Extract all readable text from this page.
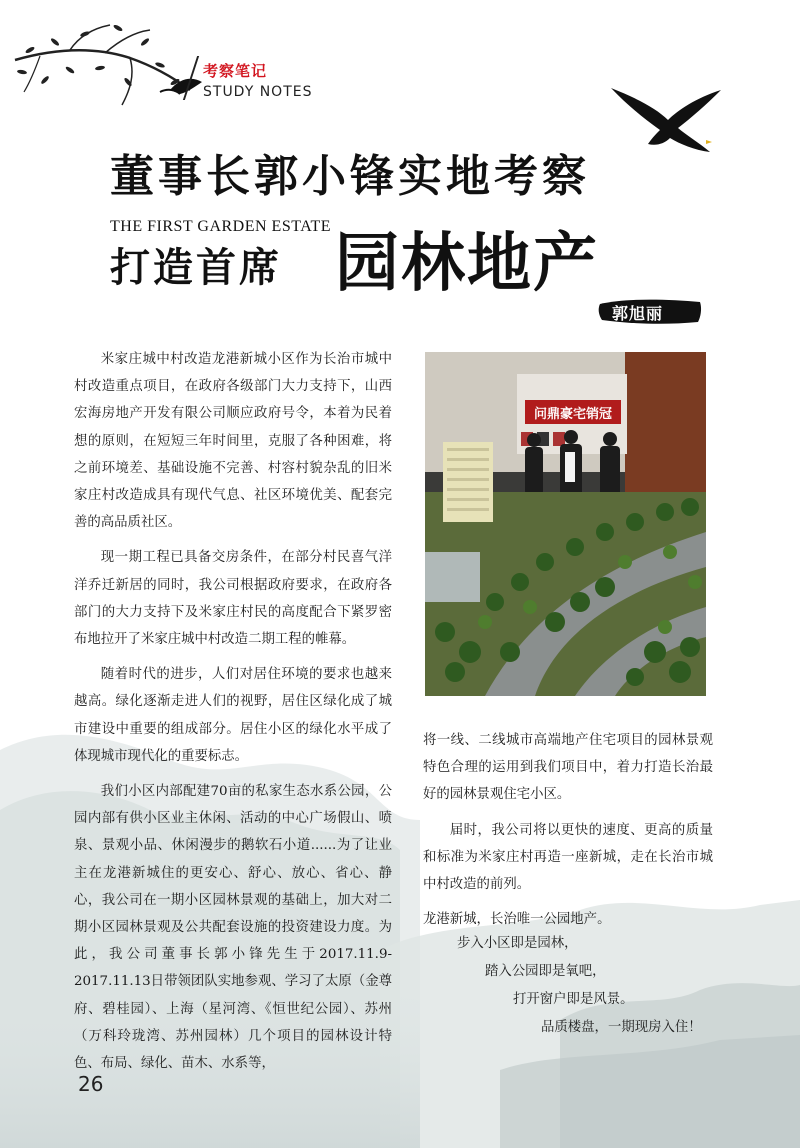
考察笔记
STUDY NOTES
董事长郭小锋实地考察
THE FIRST GARDEN ESTATE
打造首席 园林地产
郭旭丽

米家庄城中村改造龙港新城小区作为长治市城中村改造重点项目，在政府各级部门大力支持下，山西宏海房地产开发有限公司顺应政府号令，本着为民着想的原则，在短短三年时间里，克服了各种困难，将之前环境差、基础设施不完善、村容村貌杂乱的旧米家庄村改造成具有现代气息、社区环境优美、配套完善的高品质社区。

现一期工程已具备交房条件，在部分村民喜气洋洋乔迁新居的同时，我公司根据政府要求，在政府各部门的大力支持下及米家庄村民的高度配合下紧罗密布地拉开了米家庄城中村改造二期工程的帷幕。

随着时代的进步，人们对居住环境的要求也越来越高。绿化逐渐走进人们的视野，居住区绿化成了城市建设中重要的组成部分。居住小区的绿化水平成了体现城市现代化的重要标志。

我们小区内部配建70亩的私家生态水系公园，公园内部有供小区业主休闲、活动的中心广场假山、喷泉、景观小品、休闲漫步的鹅软石小道......为了让业主在龙港新城住的更安心、舒心、放心、省心、静心，我公司在一期小区园林景观的基础上，加大对二期小区园林景观及公共配套设施的投资建设力度。为此，我公司董事长郭小锋先生于2017.11.9-2017.11.13日带领团队实地参观、学习了太原（金尊府、碧桂园）、上海（星河湾、《恒世纪公园）、苏州（万科玲珑湾、苏州园林）几个项目的园林设计特色、布局、绿化、苗木、水系等，

问鼎豪宅销冠

将一线、二线城市高端地产住宅项目的园林景观特色合理的运用到我们项目中，着力打造长治最好的园林景观住宅小区。

届时，我公司将以更快的速度、更高的质量和标准为米家庄村再造一座新城，走在长治市城中村改造的前列。

龙港新城，长治唯一公园地产。

步入小区即是园林，
踏入公园即是氧吧，
打开窗户即是风景。
品质楼盘，一期现房入住！
26
